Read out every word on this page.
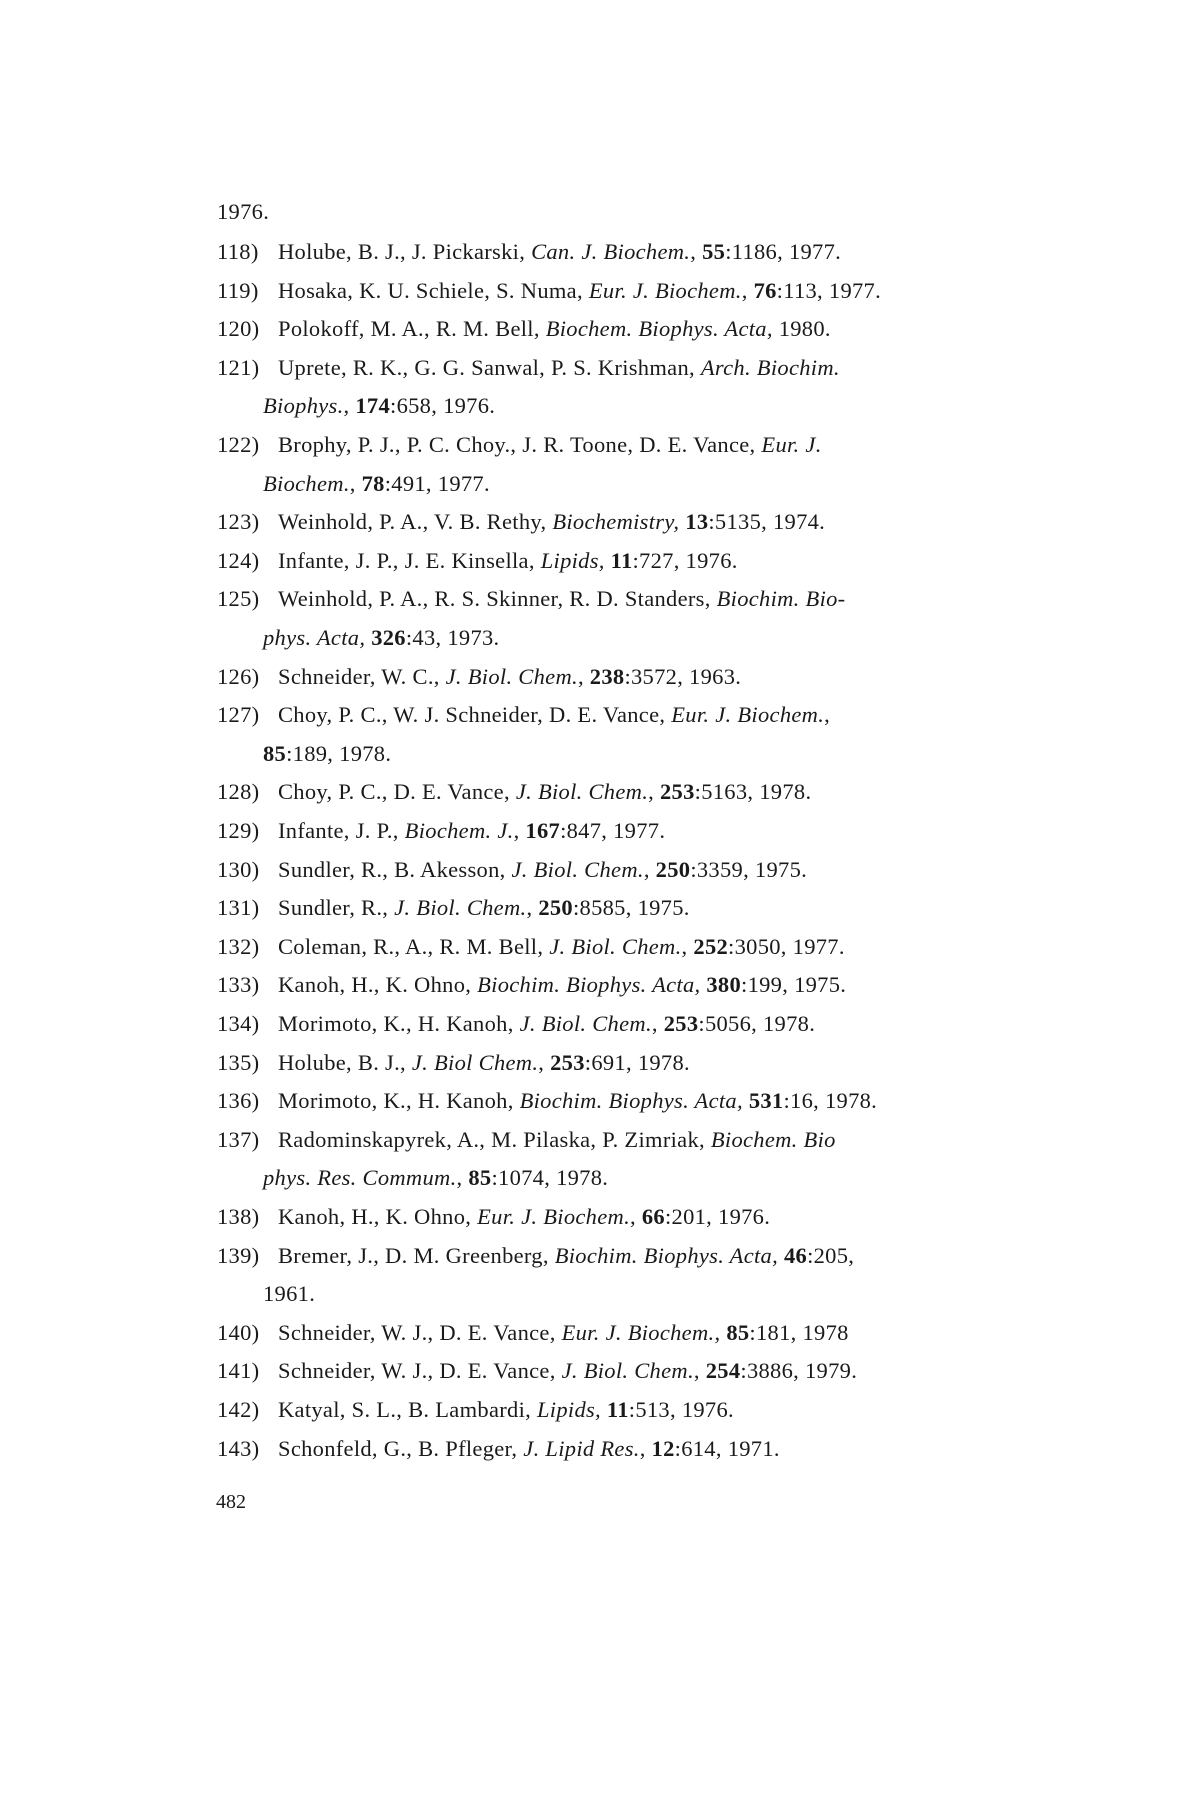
1976.
118) Holube, B. J., J. Pickarski, Can. J. Biochem., 55:1186, 1977.
119) Hosaka, K. U. Schiele, S. Numa, Eur. J. Biochem., 76:113, 1977.
120) Polokoff, M. A., R. M. Bell, Biochem. Biophys. Acta, 1980.
121) Uprete, R. K., G. G. Sanwal, P. S. Krishman, Arch. Biochim.
Biophys., 174:658, 1976.
122) Brophy, P. J., P. C. Choy., J. R. Toone, D. E. Vance, Eur. J.
Biochem., 78:491, 1977.
123) Weinhold, P. A., V. B. Rethy, Biochemistry, 13:5135, 1974.
124) Infante, J. P., J. E. Kinsella, Lipids, 11:727, 1976.
125) Weinhold, P. A., R. S. Skinner, R. D. Standers, Biochim. Bio-
phys. Acta, 326:43, 1973.
126) Schneider, W. C., J. Biol. Chem., 238:3572, 1963.
127) Choy, P. C., W. J. Schneider, D. E. Vance, Eur. J. Biochem.,
85:189, 1978.
128) Choy, P. C., D. E. Vance, J. Biol. Chem., 253:5163, 1978.
129) Infante, J. P., Biochem. J., 167:847, 1977.
130) Sundler, R., B. Akesson, J. Biol. Chem., 250:3359, 1975.
131) Sundler, R., J. Biol. Chem., 250:8585, 1975.
132) Coleman, R., A., R. M. Bell, J. Biol. Chem., 252:3050, 1977.
133) Kanoh, H., K. Ohno, Biochim. Biophys. Acta, 380:199, 1975.
134) Morimoto, K., H. Kanoh, J. Biol. Chem., 253:5056, 1978.
135) Holube, B. J., J. Biol Chem., 253:691, 1978.
136) Morimoto, K., H. Kanoh, Biochim. Biophys. Acta, 531:16, 1978.
137) Radominskapyrek, A., M. Pilaska, P. Zimriak, Biochem. Bio
phys. Res. Commum., 85:1074, 1978.
138) Kanoh, H., K. Ohno, Eur. J. Biochem., 66:201, 1976.
139) Bremer, J., D. M. Greenberg, Biochim. Biophys. Acta, 46:205,
1961.
140) Schneider, W. J., D. E. Vance, Eur. J. Biochem., 85:181, 1978
141) Schneider, W. J., D. E. Vance, J. Biol. Chem., 254:3886, 1979.
142) Katyal, S. L., B. Lambardi, Lipids, 11:513, 1976.
143) Schonfeld, G., B. Pfleger, J. Lipid Res., 12:614, 1971.
482
